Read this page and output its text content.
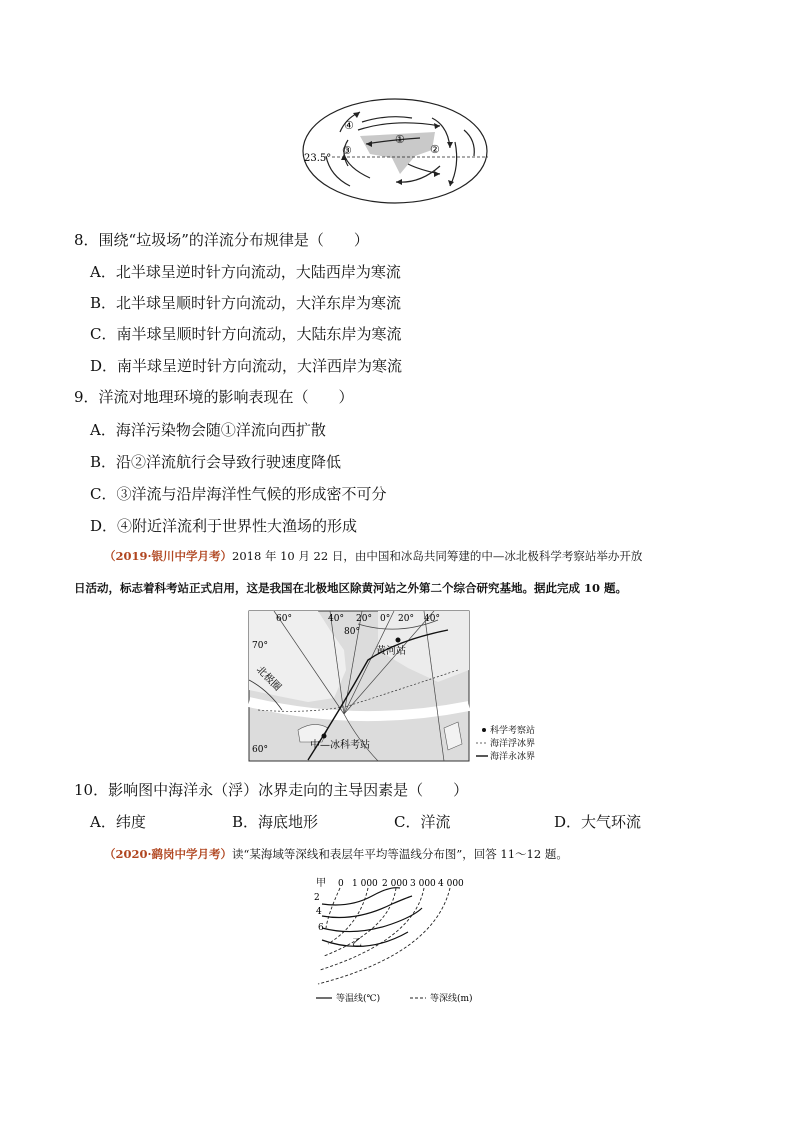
④
①
③	②
23.5°
8．围绕“垃圾场”的洋流分布规律是（　　）
A．北半球呈逆时针方向流动，大陆西岸为寒流
B．北半球呈顺时针方向流动，大洋东岸为寒流
C．南半球呈顺时针方向流动，大陆东岸为寒流
D．南半球呈逆时针方向流动，大洋西岸为寒流
9．洋流对地理环境的影响表现在（　　）
A．海洋污染物会随①洋流向西扩散
B．沿②洋流航行会导致行驶速度降低
C．③洋流与沿岸海洋性气候的形成密不可分
D．④附近洋流利于世界性大渔场的形成
（2019·银川中学月考）2018 年 10 月 22 日，由中国和冰岛共同筹建的中—冰北极科学考察站举办开放
日活动，标志着科考站正式启用，这是我国在北极地区除黄河站之外第二个综合研究基地。据此完成 10 题。
60°	40° 20° 0° 20° 40°
70°
80°
60°
黄河站
北极圈
中—冰科考站
科学考察站
海洋浮冰界
海洋永冰界
10．影响图中海洋永（浮）冰界走向的主导因素是（　　）
A．纬度	B．海底地形	C．洋流	D．大气环流
（2020·鹞岗中学月考）读“某海域等深线和表层年平均等温线分布图”，回答 11～12 题。
甲
乙
0 1 000 2 000 3 000 4 000
2
4
6
等温线(℃)	等深线(m)
